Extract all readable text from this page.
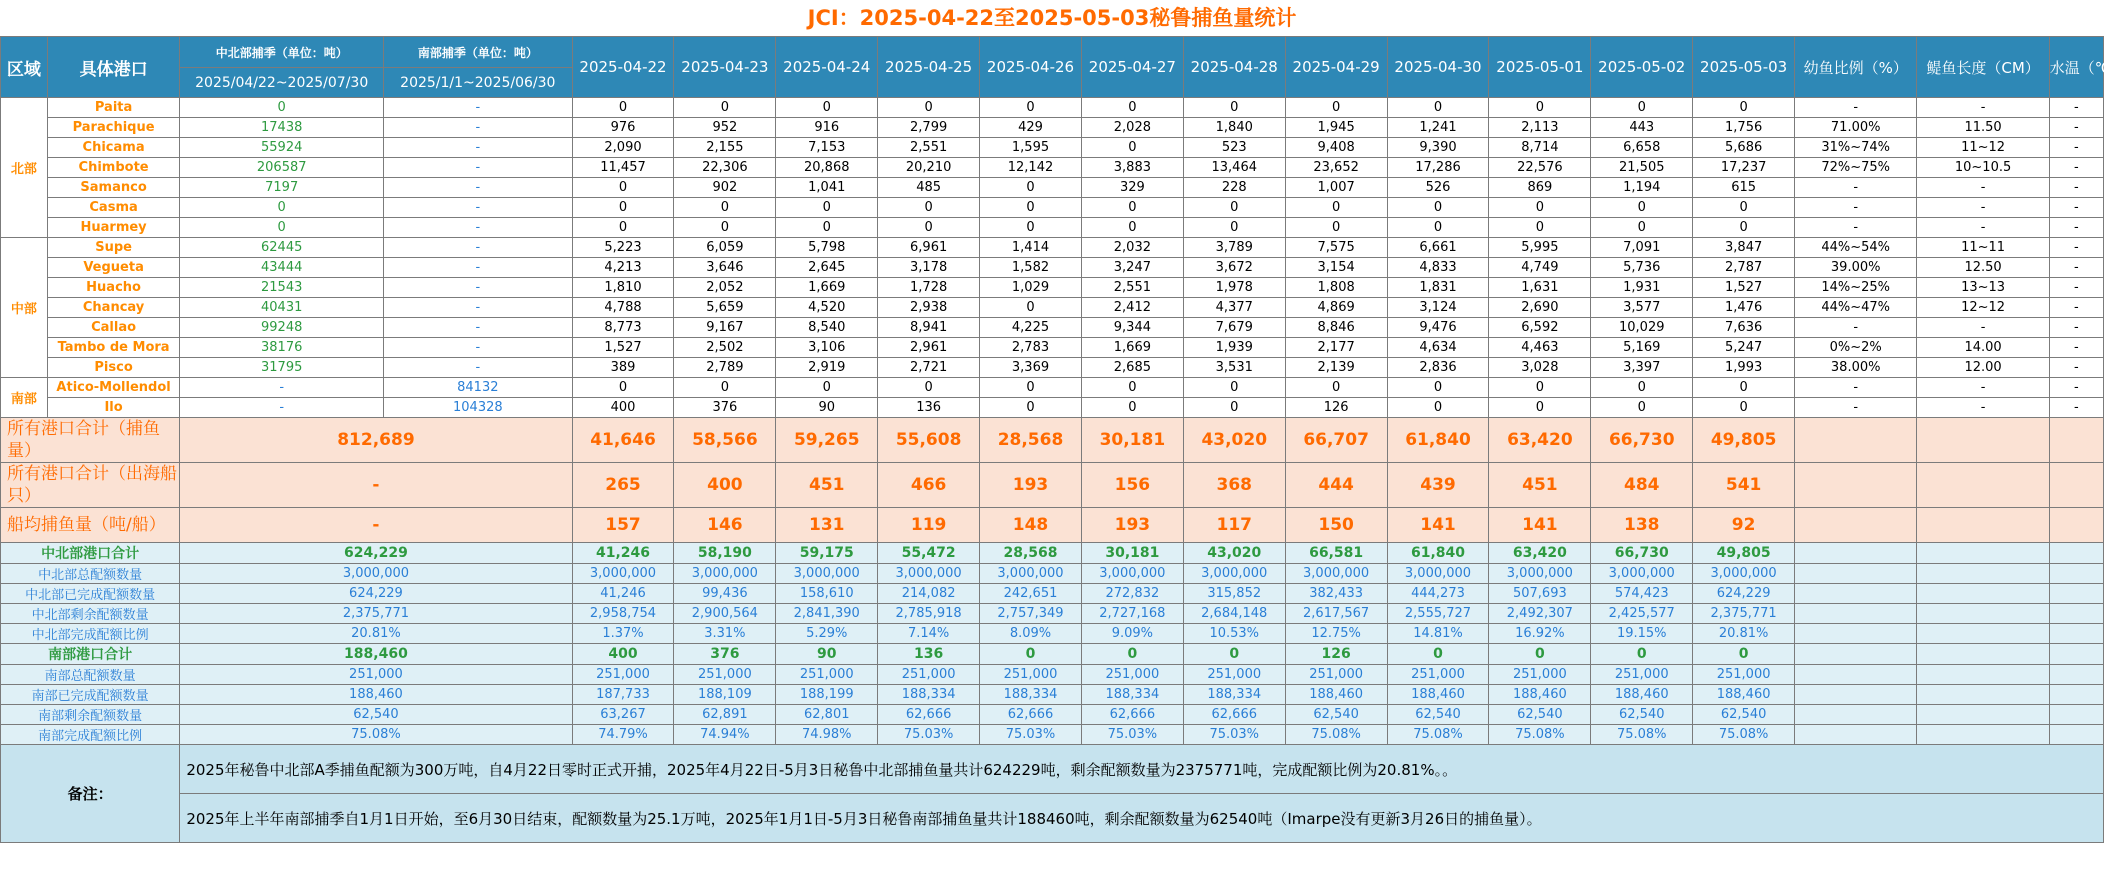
JCI：2025-04-22至2025-05-03秘鲁捕鱼量统计
区域	具体港口	中北部捕季（单位：吨）	南部捕季（单位：吨）	2025-04-22	2025-04-23	2025-04-24	2025-04-25	2025-04-26	2025-04-27	2025-04-28	2025-04-29	2025-04-30	2025-05-01	2025-05-02	2025-05-03	幼鱼比例（%）	鳀鱼长度（CM）	水温（℃）
		2025/04/22~2025/07/30	2025/1/1~2025/06/30															
北部	Paita	0	-	0	0	0	0	0	0	0	0	0	0	0	0	-	-	-
	Parachique	17438	-	976	952	916	2,799	429	2,028	1,840	1,945	1,241	2,113	443	1,756	71.00%	11.50	-
	Chicama	55924	-	2,090	2,155	7,153	2,551	1,595	0	523	9,408	9,390	8,714	6,658	5,686	31%~74%	11~12	-
	Chimbote	206587	-	11,457	22,306	20,868	20,210	12,142	3,883	13,464	23,652	17,286	22,576	21,505	17,237	72%~75%	10~10.5	-
	Samanco	7197	-	0	902	1,041	485	0	329	228	1,007	526	869	1,194	615	-	-	-
	Casma	0	-	0	0	0	0	0	0	0	0	0	0	0	0	-	-	-
	Huarmey	0	-	0	0	0	0	0	0	0	0	0	0	0	0	-	-	-
中部	Supe	62445	-	5,223	6,059	5,798	6,961	1,414	2,032	3,789	7,575	6,661	5,995	7,091	3,847	44%~54%	11~11	-
	Vegueta	43444	-	4,213	3,646	2,645	3,178	1,582	3,247	3,672	3,154	4,833	4,749	5,736	2,787	39.00%	12.50	-
	Huacho	21543	-	1,810	2,052	1,669	1,728	1,029	2,551	1,978	1,808	1,831	1,631	1,931	1,527	14%~25%	13~13	-
	Chancay	40431	-	4,788	5,659	4,520	2,938	0	2,412	4,377	4,869	3,124	2,690	3,577	1,476	44%~47%	12~12	-
	Callao	99248	-	8,773	9,167	8,540	8,941	4,225	9,344	7,679	8,846	9,476	6,592	10,029	7,636	-	-	-
	Tambo de Mora	38176	-	1,527	2,502	3,106	2,961	2,783	1,669	1,939	2,177	4,634	4,463	5,169	5,247	0%~2%	14.00	-
	Pisco	31795	-	389	2,789	2,919	2,721	3,369	2,685	3,531	2,139	2,836	3,028	3,397	1,993	38.00%	12.00	-
南部	Atico-Mollendol	-	84132	0	0	0	0	0	0	0	0	0	0	0	0	-	-	-
	Ilo	-	104328	400	376	90	136	0	0	0	126	0	0	0	0	-	-	-
所有港口合计（捕鱼量）		812,689		41,646	58,566	59,265	55,608	28,568	30,181	43,020	66,707	61,840	63,420	66,730	49,805			
所有港口合计（出海船只）		-		265	400	451	466	193	156	368	444	439	451	484	541			
船均捕鱼量（吨/船）		-		157	146	131	119	148	193	117	150	141	141	138	92			
中北部港口合计		624,229		41,246	58,190	59,175	55,472	28,568	30,181	43,020	66,581	61,840	63,420	66,730	49,805			
中北部总配额数量		3,000,000		3,000,000	3,000,000	3,000,000	3,000,000	3,000,000	3,000,000	3,000,000	3,000,000	3,000,000	3,000,000	3,000,000	3,000,000			
中北部已完成配额数量		624,229		41,246	99,436	158,610	214,082	242,651	272,832	315,852	382,433	444,273	507,693	574,423	624,229			
中北部剩余配额数量		2,375,771		2,958,754	2,900,564	2,841,390	2,785,918	2,757,349	2,727,168	2,684,148	2,617,567	2,555,727	2,492,307	2,425,577	2,375,771			
中北部完成配额比例		20.81%		1.37%	3.31%	5.29%	7.14%	8.09%	9.09%	10.53%	12.75%	14.81%	16.92%	19.15%	20.81%			
南部港口合计		188,460		400	376	90	136	0	0	0	126	0	0	0	0			
南部总配额数量		251,000		251,000	251,000	251,000	251,000	251,000	251,000	251,000	251,000	251,000	251,000	251,000	251,000			
南部已完成配额数量		188,460		187,733	188,109	188,199	188,334	188,334	188,334	188,334	188,460	188,460	188,460	188,460	188,460			
南部剩余配额数量		62,540		63,267	62,891	62,801	62,666	62,666	62,666	62,666	62,540	62,540	62,540	62,540	62,540			
南部完成配额比例		75.08%		74.79%	74.94%	74.98%	75.03%	75.03%	75.03%	75.03%	75.08%	75.08%	75.08%	75.08%	75.08%			
备注：		2025年秘鲁中北部A季捕鱼配额为300万吨，自4月22日零时正式开捕，2025年4月22日-5月3日秘鲁中北部捕鱼量共计624229吨，剩余配额数量为2375771吨，完成配额比例为20.81%。。																
		2025年上半年南部捕季自1月1日开始，至6月30日结束，配额数量为25.1万吨，2025年1月1日-5月3日秘鲁南部捕鱼量共计188460吨，剩余配额数量为62540吨（Imarpe没有更新3月26日的捕鱼量）。																
